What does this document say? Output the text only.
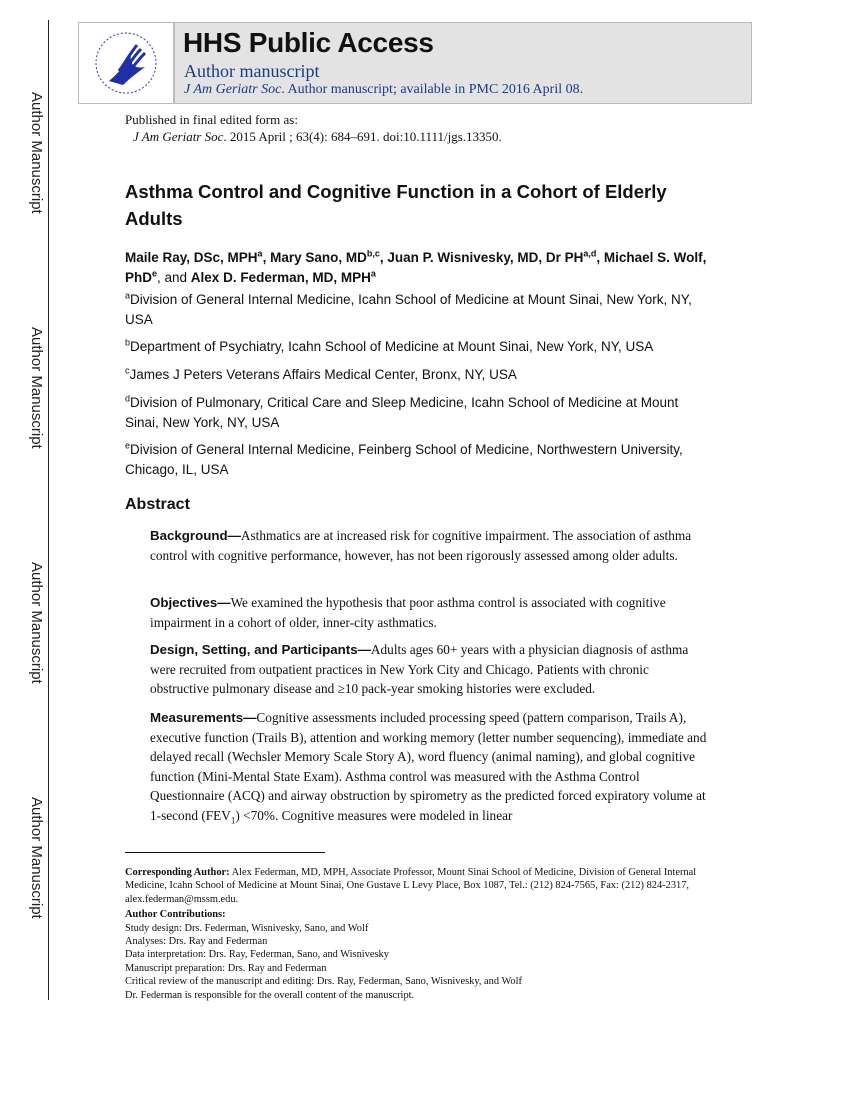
Author Manuscript
Author Manuscript
Author Manuscript
Author Manuscript
HHS Public Access
Author manuscript
J Am Geriatr Soc. Author manuscript; available in PMC 2016 April 08.
Published in final edited form as:
J Am Geriatr Soc. 2015 April ; 63(4): 684–691. doi:10.1111/jgs.13350.
Asthma Control and Cognitive Function in a Cohort of Elderly Adults
Maile Ray, DSc, MPH$^a$, Mary Sano, MD$^{b,c}$, Juan P. Wisnivesky, MD, Dr PH$^{a,d}$, Michael S. Wolf, PhD$^e$, and Alex D. Federman, MD, MPH$^a$
$^a$Division of General Internal Medicine, Icahn School of Medicine at Mount Sinai, New York, NY, USA
$^b$Department of Psychiatry, Icahn School of Medicine at Mount Sinai, New York, NY, USA
$^c$James J Peters Veterans Affairs Medical Center, Bronx, NY, USA
$^d$Division of Pulmonary, Critical Care and Sleep Medicine, Icahn School of Medicine at Mount Sinai, New York, NY, USA
$^e$Division of General Internal Medicine, Feinberg School of Medicine, Northwestern University, Chicago, IL, USA
Abstract
Background—Asthmatics are at increased risk for cognitive impairment. The association of asthma control with cognitive performance, however, has not been rigorously assessed among older adults.
Objectives—We examined the hypothesis that poor asthma control is associated with cognitive impairment in a cohort of older, inner-city asthmatics.
Design, Setting, and Participants—Adults ages 60+ years with a physician diagnosis of asthma were recruited from outpatient practices in New York City and Chicago. Patients with chronic obstructive pulmonary disease and ≥10 pack-year smoking histories were excluded.
Measurements—Cognitive assessments included processing speed (pattern comparison, Trails A), executive function (Trails B), attention and working memory (letter number sequencing), immediate and delayed recall (Wechsler Memory Scale Story A), word fluency (animal naming), and global cognitive function (Mini-Mental State Exam). Asthma control was measured with the Asthma Control Questionnaire (ACQ) and airway obstruction by spirometry as the predicted forced expiratory volume at 1-second $(FEV_1) <70\%$. Cognitive measures were modeled in linear
Corresponding Author: Alex Federman, MD, MPH, Associate Professor, Mount Sinai School of Medicine, Division of General Internal Medicine, Icahn School of Medicine at Mount Sinai, One Gustave L Levy Place, Box 1087, Tel.: (212) 824-7565, Fax: (212) 824-2317, alex.federman@mssm.edu.
Author Contributions:
Study design: Drs. Federman, Wisnivesky, Sano, and Wolf
Analyses: Drs. Ray and Federman
Data interpretation: Drs. Ray, Federman, Sano, and Wisnivesky
Manuscript preparation: Drs. Ray and Federman
Critical review of the manuscript and editing: Drs. Ray, Federman, Sano, Wisnivesky, and Wolf
Dr. Federman is responsible for the overall content of the manuscript.
